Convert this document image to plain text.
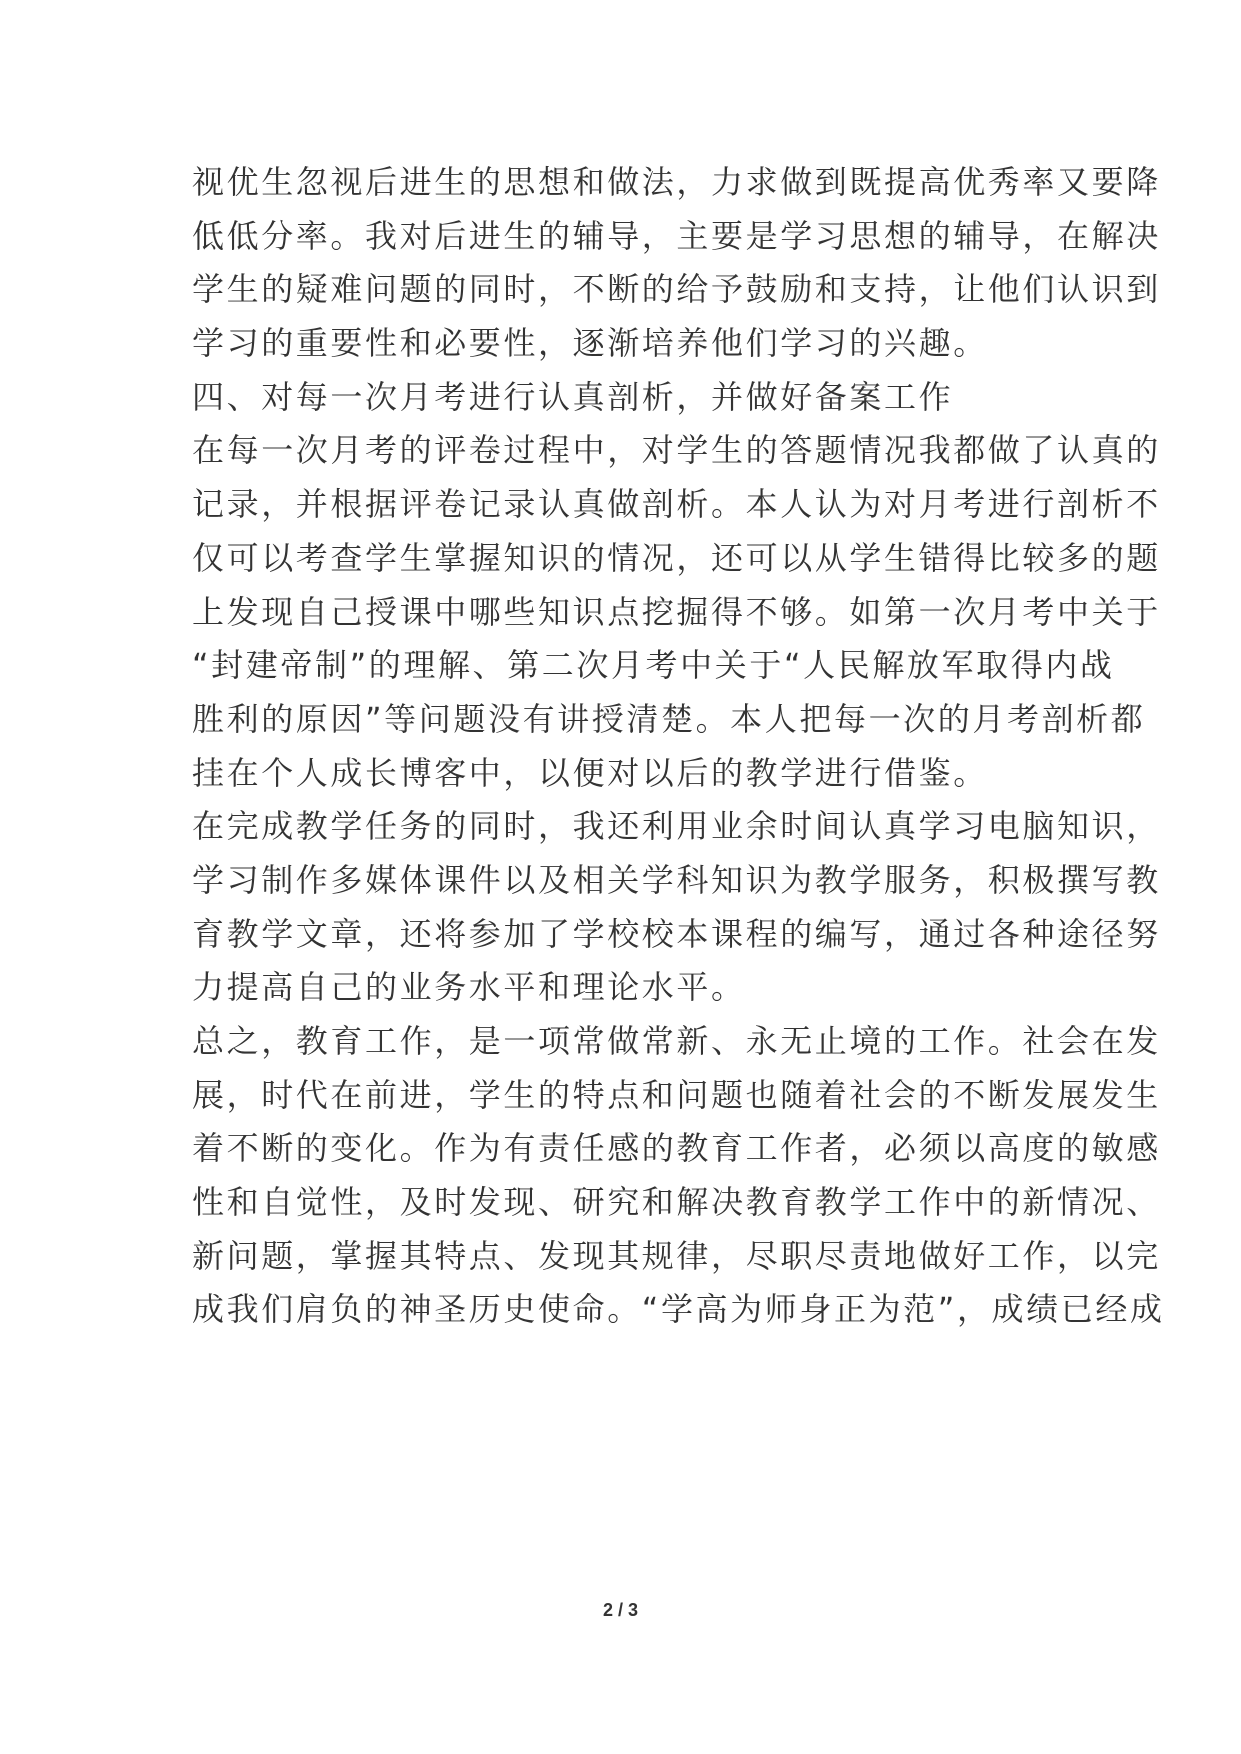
视优生忽视后进生的思想和做法，力求做到既提高优秀率又要降
低低分率。我对后进生的辅导，主要是学习思想的辅导，在解决
学生的疑难问题的同时，不断的给予鼓励和支持，让他们认识到
学习的重要性和必要性，逐渐培养他们学习的兴趣。
四、对每一次月考进行认真剖析，并做好备案工作
在每一次月考的评卷过程中，对学生的答题情况我都做了认真的
记录，并根据评卷记录认真做剖析。本人认为对月考进行剖析不
仅可以考查学生掌握知识的情况，还可以从学生错得比较多的题
上发现自己授课中哪些知识点挖掘得不够。如第一次月考中关于
“封建帝制”的理解、第二次月考中关于“人民解放军取得内战
胜利的原因”等问题没有讲授清楚。本人把每一次的月考剖析都
挂在个人成长博客中，以便对以后的教学进行借鉴。
在完成教学任务的同时，我还利用业余时间认真学习电脑知识，
学习制作多媒体课件以及相关学科知识为教学服务，积极撰写教
育教学文章，还将参加了学校校本课程的编写，通过各种途径努
力提高自己的业务水平和理论水平。
总之，教育工作，是一项常做常新、永无止境的工作。社会在发
展，时代在前进，学生的特点和问题也随着社会的不断发展发生
着不断的变化。作为有责任感的教育工作者，必须以高度的敏感
性和自觉性，及时发现、研究和解决教育教学工作中的新情况、
新问题，掌握其特点、发现其规律，尽职尽责地做好工作，以完
成我们肩负的神圣历史使命。“学高为师身正为范”，成绩已经成
2 / 3
